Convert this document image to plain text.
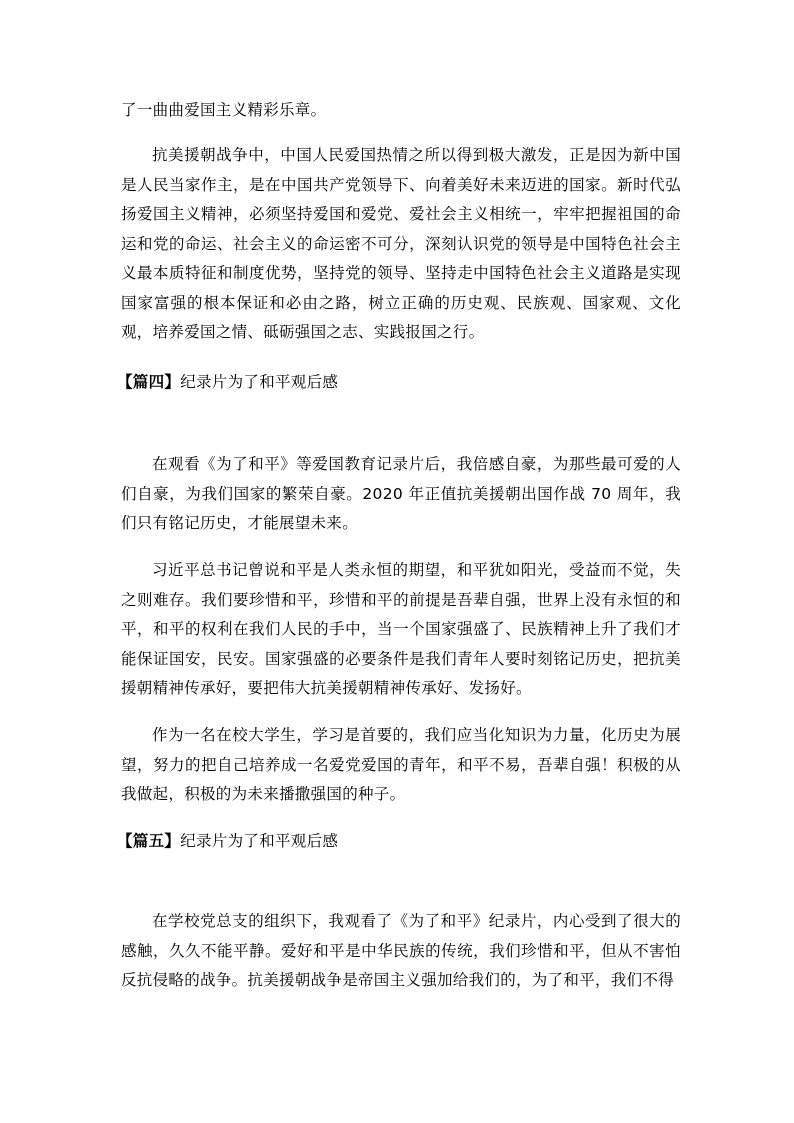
了一曲曲爱国主义精彩乐章。

抗美援朝战争中，中国人民爱国热情之所以得到极大激发，正是因为新中国是人民当家作主，是在中国共产党领导下、向着美好未来迈进的国家。新时代弘扬爱国主义精神，必须坚持爱国和爱党、爱社会主义相统一，牢牢把握祖国的命运和党的命运、社会主义的命运密不可分，深刻认识党的领导是中国特色社会主义最本质特征和制度优势，坚持党的领导、坚持走中国特色社会主义道路是实现国家富强的根本保证和必由之路，树立正确的历史观、民族观、国家观、文化观，培养爱国之情、砥砺强国之志、实践报国之行。

【篇四】纪录片为了和平观后感

在观看《为了和平》等爱国教育记录片后，我倍感自豪，为那些最可爱的人们自豪，为我们国家的繁荣自豪。2020 年正值抗美援朝出国作战 70 周年，我们只有铭记历史，才能展望未来。

习近平总书记曾说和平是人类永恒的期望，和平犹如阳光，受益而不觉，失之则难存。我们要珍惜和平，珍惜和平的前提是吾辈自强，世界上没有永恒的和平，和平的权利在我们人民的手中，当一个国家强盛了、民族精神上升了我们才能保证国安，民安。国家强盛的必要条件是我们青年人要时刻铭记历史，把抗美援朝精神传承好，要把伟大抗美援朝精神传承好、发扬好。

作为一名在校大学生，学习是首要的，我们应当化知识为力量，化历史为展望，努力的把自己培养成一名爱党爱国的青年，和平不易，吾辈自强！积极的从我做起，积极的为未来播撒强国的种子。

【篇五】纪录片为了和平观后感

在学校党总支的组织下，我观看了《为了和平》纪录片，内心受到了很大的感触，久久不能平静。爱好和平是中华民族的传统，我们珍惜和平，但从不害怕反抗侵略的战争。抗美援朝战争是帝国主义强加给我们的，为了和平，我们不得
